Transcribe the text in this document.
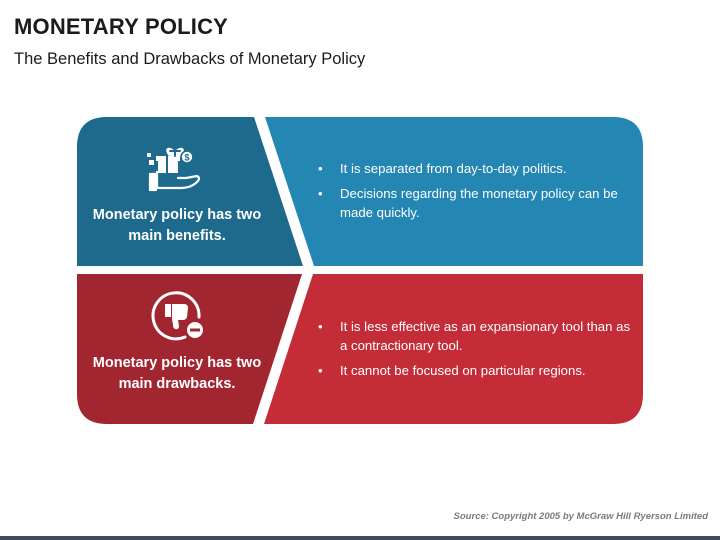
MONETARY POLICY

The Benefits and Drawbacks of Monetary Policy

$
Monetary policy has two main benefits.
• It is separated from day-to-day politics.
• Decisions regarding the monetary policy can be made quickly.
Monetary policy has two main drawbacks.
• It is less effective as an expansionary tool than as a contractionary tool.
• It cannot be focused on particular regions.
Source: Copyright 2005 by McGraw Hill Ryerson Limited
